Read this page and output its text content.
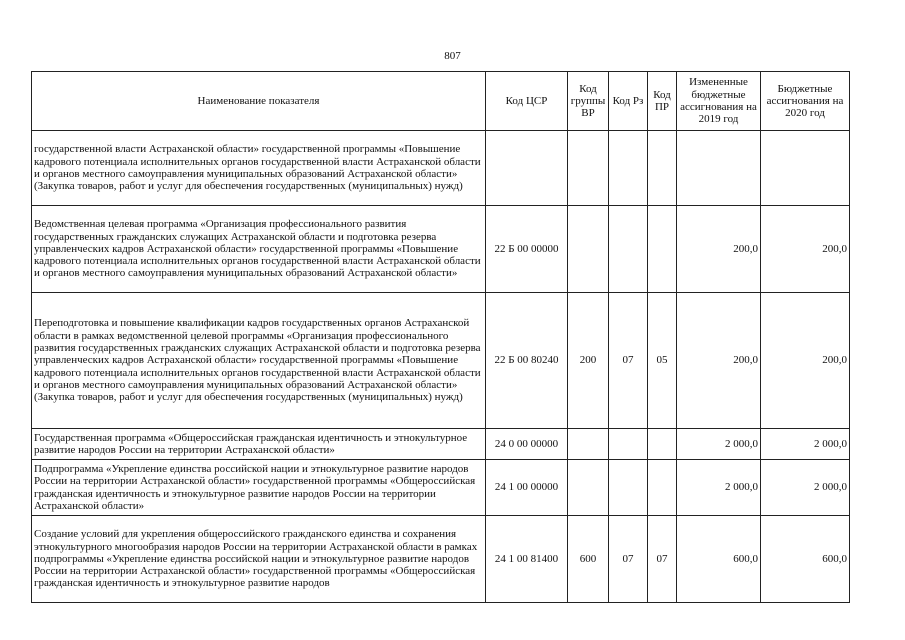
807
Наименование показателя	Код ЦСР	Код группы ВР	Код Рз	Код ПР	Измененные бюджетные ассигнования на 2019 год	Бюджетные ассигнования на 2020 год
государственной власти Астраханской области» государственной программы «Повышение кадрового потенциала исполнительных органов государственной власти Астраханской области и органов местного самоуправления муниципальных образований Астраханской области» (Закупка товаров, работ и услуг для обеспечения государственных (муниципальных) нужд)						
Ведомственная целевая программа «Организация профессионального развития государственных гражданских служащих Астраханской области и подготовка резерва управленческих кадров Астраханской области» государственной программы «Повышение кадрового потенциала исполнительных органов государственной власти Астраханской области и органов местного самоуправления муниципальных образований Астраханской области»	22 Б 00 00000				200,0	200,0
Переподготовка и повышение квалификации кадров государственных органов Астраханской области в рамках ведомственной целевой программы «Организация профессионального развития государственных гражданских служащих Астраханской области и подготовка резерва управленческих кадров Астраханской области» государственной программы «Повышение кадрового потенциала исполнительных органов государственной власти Астраханской области и органов местного самоуправления муниципальных образований Астраханской области» (Закупка товаров, работ и услуг для обеспечения государственных (муниципальных) нужд)	22 Б 00 80240	200	07	05	200,0	200,0
Государственная программа «Общероссийская гражданская идентичность и этнокультурное развитие народов России на территории Астраханской области»	24 0 00 00000				2 000,0	2 000,0
Подпрограмма «Укрепление единства российской нации и этнокультурное развитие народов России на территории Астраханской области» государственной программы «Общероссийская гражданская идентичность и этнокультурное развитие народов России на территории Астраханской области»	24 1 00 00000				2 000,0	2 000,0
Создание условий для укрепления общероссийского гражданского единства и сохранения этнокультурного многообразия народов России на территории Астраханской области в рамках подпрограммы «Укрепление единства российской нации и этнокультурное развитие народов России на территории Астраханской области» государственной программы «Общероссийская гражданская идентичность и этнокультурное развитие народов	24 1 00 81400	600	07	07	600,0	600,0
